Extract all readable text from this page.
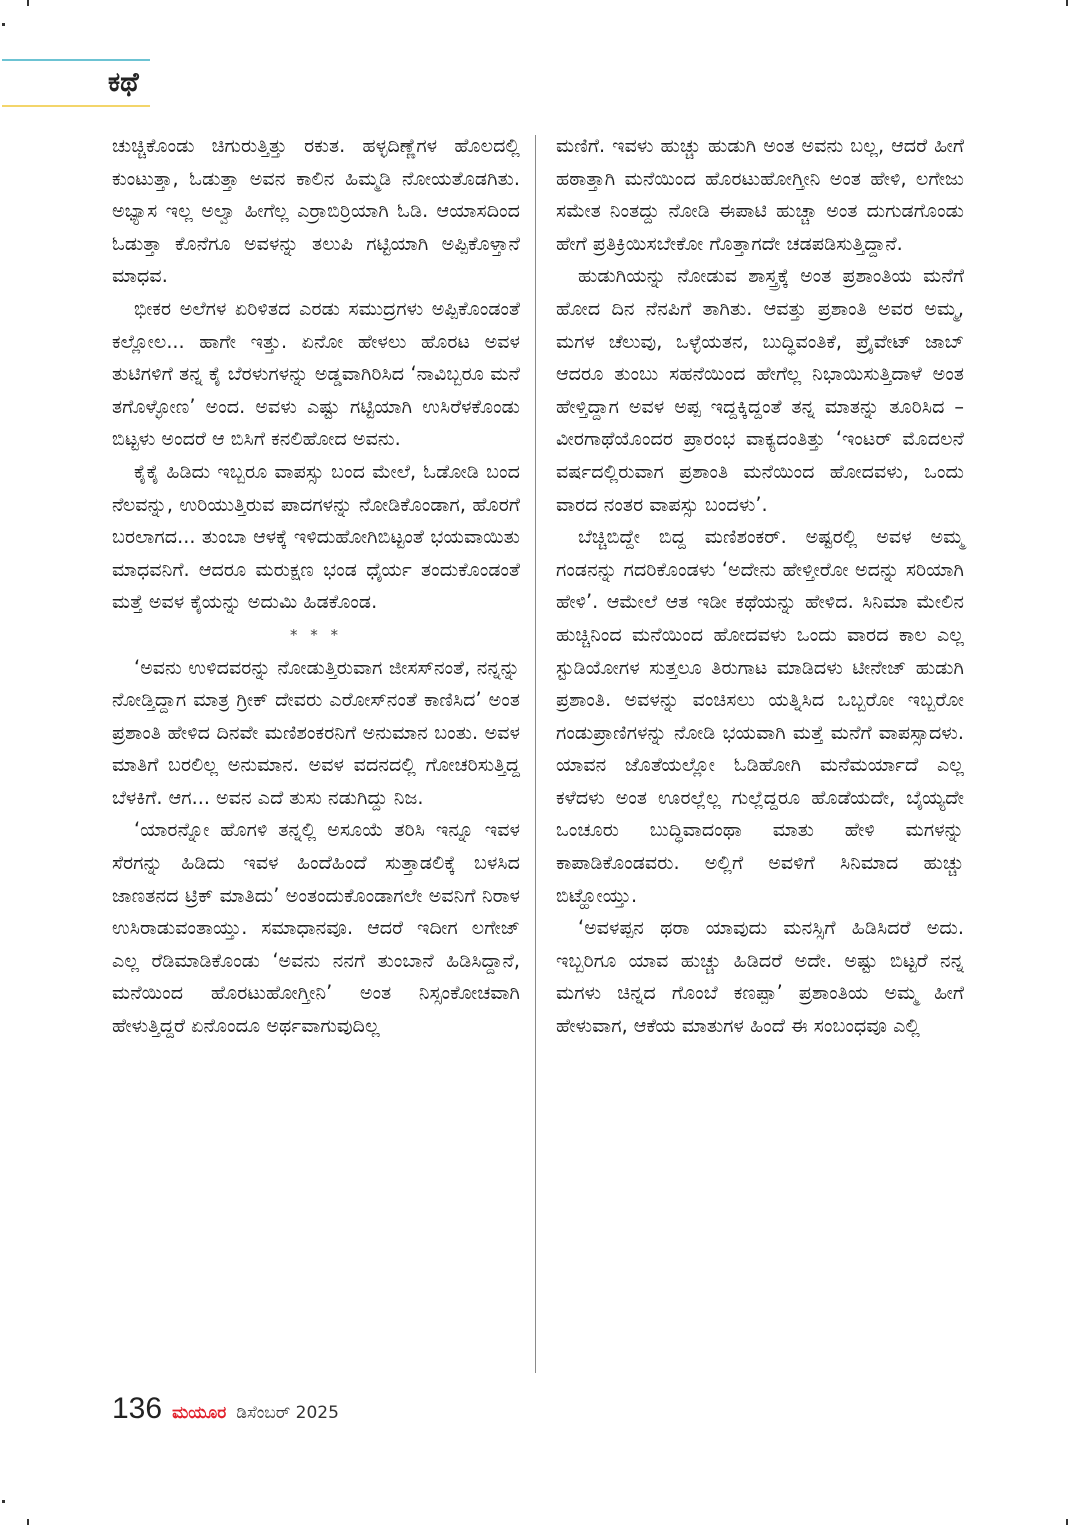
ಕಥೆ

ಚುಚ್ಚಿಕೊಂಡು ಚಿಗುರುತ್ತಿತ್ತು ರಕುತ. ಹಳ್ಳದಿಣ್ಣೆಗಳ ಹೊಲದಲ್ಲಿ ಕುಂಟುತ್ತಾ, ಓಡುತ್ತಾ ಅವನ ಕಾಲಿನ ಹಿಮ್ಮಡಿ ನೋಯತೊಡಗಿತು. ಅಭ್ಯಾಸ ಇಲ್ಲ ಅಲ್ವಾ ಹೀಗೆಲ್ಲ ಎರ್ರಾಬಿರ್ರಿಯಾಗಿ ಓಡಿ. ಆಯಾಸದಿಂದ ಓಡುತ್ತಾ ಕೊನೆಗೂ ಅವಳನ್ನು ತಲುಪಿ ಗಟ್ಟಿಯಾಗಿ ಅಪ್ಪಿಕೊಳ್ತಾನೆ ಮಾಧವ.

ಭೀಕರ ಅಲೆಗಳ ಏರಿಳಿತದ ಎರಡು ಸಮುದ್ರಗಳು ಅಪ್ಪಿಕೊಂಡಂತೆ ಕಲ್ಲೋಲ... ಹಾಗೇ ಇತ್ತು. ಏನೋ ಹೇಳಲು ಹೊರಟ ಅವಳ ತುಟಿಗಳಿಗೆ ತನ್ನ ಕೈ ಬೆರಳುಗಳನ್ನು ಅಡ್ಡವಾಗಿರಿಸಿದ ‘ನಾವಿಬ್ಬರೂ ಮನೆ ತಗೊಳ್ಳೋಣ’ ಅಂದ. ಅವಳು ಎಷ್ಟು ಗಟ್ಟಿಯಾಗಿ ಉಸಿರೆಳಕೊಂಡು ಬಿಟ್ಟಳು ಅಂದರೆ ಆ ಬಿಸಿಗೆ ಕನಲಿಹೋದ ಅವನು.

ಕೈಕೈ ಹಿಡಿದು ಇಬ್ಬರೂ ವಾಪಸ್ಸು ಬಂದ ಮೇಲೆ, ಓಡೋಡಿ ಬಂದ ನೆಲವನ್ನು, ಉರಿಯುತ್ತಿರುವ ಪಾದಗಳನ್ನು ನೋಡಿಕೊಂಡಾಗ, ಹೊರಗೆ ಬರಲಾಗದ... ತುಂಬಾ ಆಳಕ್ಕೆ ಇಳಿದುಹೋಗಿಬಿಟ್ಟಂತೆ ಭಯವಾಯಿತು ಮಾಧವನಿಗೆ. ಆದರೂ ಮರುಕ್ಷಣ ಭಂಡ ಧೈರ್ಯ ತಂದುಕೊಂಡಂತೆ ಮತ್ತೆ ಅವಳ ಕೈಯನ್ನು ಅದುಮಿ ಹಿಡಕೊಂಡ.

* * *

‘ಅವನು ಉಳಿದವರನ್ನು ನೋಡುತ್ತಿರುವಾಗ ಜೀಸಸ್‌ನಂತೆ, ನನ್ನನ್ನು ನೋಡ್ತಿದ್ದಾಗ ಮಾತ್ರ ಗ್ರೀಕ್ ದೇವರು ಎರೋಸ್‌ನಂತೆ ಕಾಣಿಸಿದ’ ಅಂತ ಪ್ರಶಾಂತಿ ಹೇಳಿದ ದಿನವೇ ಮಣಿಶಂಕರನಿಗೆ ಅನುಮಾನ ಬಂತು. ಅವಳ ಮಾತಿಗೆ ಬರಲಿಲ್ಲ ಅನುಮಾನ. ಅವಳ ವದನದಲ್ಲಿ ಗೋಚರಿಸುತ್ತಿದ್ದ ಬೆಳಕಿಗೆ. ಆಗ... ಅವನ ಎದೆ ತುಸು ನಡುಗಿದ್ದು ನಿಜ.

‘ಯಾರನ್ನೋ ಹೊಗಳಿ ತನ್ನಲ್ಲಿ ಅಸೂಯೆ ತರಿಸಿ ಇನ್ನೂ ಇವಳ ಸೆರಗನ್ನು ಹಿಡಿದು ಇವಳ ಹಿಂದೆಹಿಂದೆ ಸುತ್ತಾಡಲಿಕ್ಕೆ ಬಳಸಿದ ಜಾಣತನದ ಟ್ರಿಕ್ ಮಾತಿದು’ ಅಂತಂದುಕೊಂಡಾಗಲೇ ಅವನಿಗೆ ನಿರಾಳ ಉಸಿರಾಡುವಂತಾಯ್ತು. ಸಮಾಧಾನವೂ. ಆದರೆ ಇದೀಗ ಲಗೇಜ್ ಎಲ್ಲ ರೆಡಿಮಾಡಿಕೊಂಡು ‘ಅವನು ನನಗೆ ತುಂಬಾನೆ ಹಿಡಿಸಿದ್ದಾನೆ, ಮನೆಯಿಂದ ಹೊರಟುಹೋಗ್ತೀನಿ’ ಅಂತ ನಿಸ್ಸಂಕೋಚವಾಗಿ ಹೇಳುತ್ತಿದ್ದರೆ ಏನೊಂದೂ ಅರ್ಥವಾಗುವುದಿಲ್ಲ

ಮಣಿಗೆ. ಇವಳು ಹುಚ್ಚು ಹುಡುಗಿ ಅಂತ ಅವನು ಬಲ್ಲ, ಆದರೆ ಹೀಗೆ ಹಠಾತ್ತಾಗಿ ಮನೆಯಿಂದ ಹೊರಟುಹೋಗ್ತೀನಿ ಅಂತ ಹೇಳಿ, ಲಗೇಜು ಸಮೇತ ನಿಂತದ್ದು ನೋಡಿ ಈಪಾಟಿ ಹುಚ್ಚಾ ಅಂತ ದುಗುಡಗೊಂಡು ಹೇಗೆ ಪ್ರತಿಕ್ರಿಯಿಸಬೇಕೋ ಗೊತ್ತಾಗದೇ ಚಡಪಡಿಸುತ್ತಿದ್ದಾನೆ.

ಹುಡುಗಿಯನ್ನು ನೋಡುವ ಶಾಸ್ತ್ರಕ್ಕೆ ಅಂತ ಪ್ರಶಾಂತಿಯ ಮನೆಗೆ ಹೋದ ದಿನ ನೆನಪಿಗೆ ತಾಗಿತು. ಆವತ್ತು ಪ್ರಶಾಂತಿ ಅವರ ಅಮ್ಮ, ಮಗಳ ಚೆಲುವು, ಒಳ್ಳೆಯತನ, ಬುದ್ಧಿವಂತಿಕೆ, ಪ್ರೈವೇಟ್ ಜಾಬ್ ಆದರೂ ತುಂಬು ಸಹನೆಯಿಂದ ಹೇಗೆಲ್ಲ ನಿಭಾಯಿಸುತ್ತಿದಾಳೆ ಅಂತ ಹೇಳ್ತಿದ್ದಾಗ ಅವಳ ಅಪ್ಪ ಇದ್ದಕ್ಕಿದ್ದಂತೆ ತನ್ನ ಮಾತನ್ನು ತೂರಿಸಿದ – ವೀರಗಾಥೆಯೊಂದರ ಪ್ರಾರಂಭ ವಾಕ್ಯದಂತಿತ್ತು ‘ಇಂಟರ್ ಮೊದಲನೆ ವರ್ಷದಲ್ಲಿರುವಾಗ ಪ್ರಶಾಂತಿ ಮನೆಯಿಂದ ಹೋದವಳು, ಒಂದು ವಾರದ ನಂತರ ವಾಪಸ್ಸು ಬಂದಳು’.

ಬೆಚ್ಚಿಬಿದ್ದೇ ಬಿದ್ದ ಮಣಿಶಂಕರ್. ಅಷ್ಟರಲ್ಲಿ ಅವಳ ಅಮ್ಮ ಗಂಡನನ್ನು ಗದರಿಕೊಂಡಳು ‘ಅದೇನು ಹೇಳ್ತೀರೋ ಅದನ್ನು ಸರಿಯಾಗಿ ಹೇಳಿ’. ಆಮೇಲೆ ಆತ ಇಡೀ ಕಥೆಯನ್ನು ಹೇಳಿದ. ಸಿನಿಮಾ ಮೇಲಿನ ಹುಚ್ಚಿನಿಂದ ಮನೆಯಿಂದ ಹೋದವಳು ಒಂದು ವಾರದ ಕಾಲ ಎಲ್ಲ ಸ್ಟುಡಿಯೋಗಳ ಸುತ್ತಲೂ ತಿರುಗಾಟ ಮಾಡಿದಳು ಟೀನೇಜ್ ಹುಡುಗಿ ಪ್ರಶಾಂತಿ. ಅವಳನ್ನು ವಂಚಿಸಲು ಯತ್ನಿಸಿದ ಒಬ್ಬರೋ ಇಬ್ಬರೋ ಗಂಡುಪ್ರಾಣಿಗಳನ್ನು ನೋಡಿ ಭಯವಾಗಿ ಮತ್ತೆ ಮನೆಗೆ ವಾಪಸ್ಸಾದಳು. ಯಾವನ ಜೊತೆಯಲ್ಲೋ ಓಡಿಹೋಗಿ ಮನೆಮರ್ಯಾದೆ ಎಲ್ಲ ಕಳೆದಳು ಅಂತ ಊರಲ್ಲೆಲ್ಲ ಗುಲ್ಲೆದ್ದರೂ ಹೊಡೆಯದೇ, ಬೈಯ್ಯದೇ ಒಂಚೂರು ಬುದ್ಧಿವಾದಂಥಾ ಮಾತು ಹೇಳಿ ಮಗಳನ್ನು ಕಾಪಾಡಿಕೊಂಡವರು. ಅಲ್ಲಿಗೆ ಅವಳಿಗೆ ಸಿನಿಮಾದ ಹುಚ್ಚು ಬಿಟ್ಹೋಯ್ತು.

‘ಅವಳಪ್ಪನ ಥರಾ ಯಾವುದು ಮನಸ್ಸಿಗೆ ಹಿಡಿಸಿದರೆ ಅದು. ಇಬ್ಬರಿಗೂ ಯಾವ ಹುಚ್ಚು ಹಿಡಿದರೆ ಅದೇ. ಅಷ್ಟು ಬಿಟ್ಟರೆ ನನ್ನ ಮಗಳು ಚಿನ್ನದ ಗೊಂಬೆ ಕಣಪ್ಪಾ’ ಪ್ರಶಾಂತಿಯ ಅಮ್ಮ ಹೀಗೆ ಹೇಳುವಾಗ, ಆಕೆಯ ಮಾತುಗಳ ಹಿಂದೆ ಈ ಸಂಬಂಧವೂ ಎಲ್ಲಿ

136 ಮಯೂರ ಡಿಸೆಂಬರ್ 2025
